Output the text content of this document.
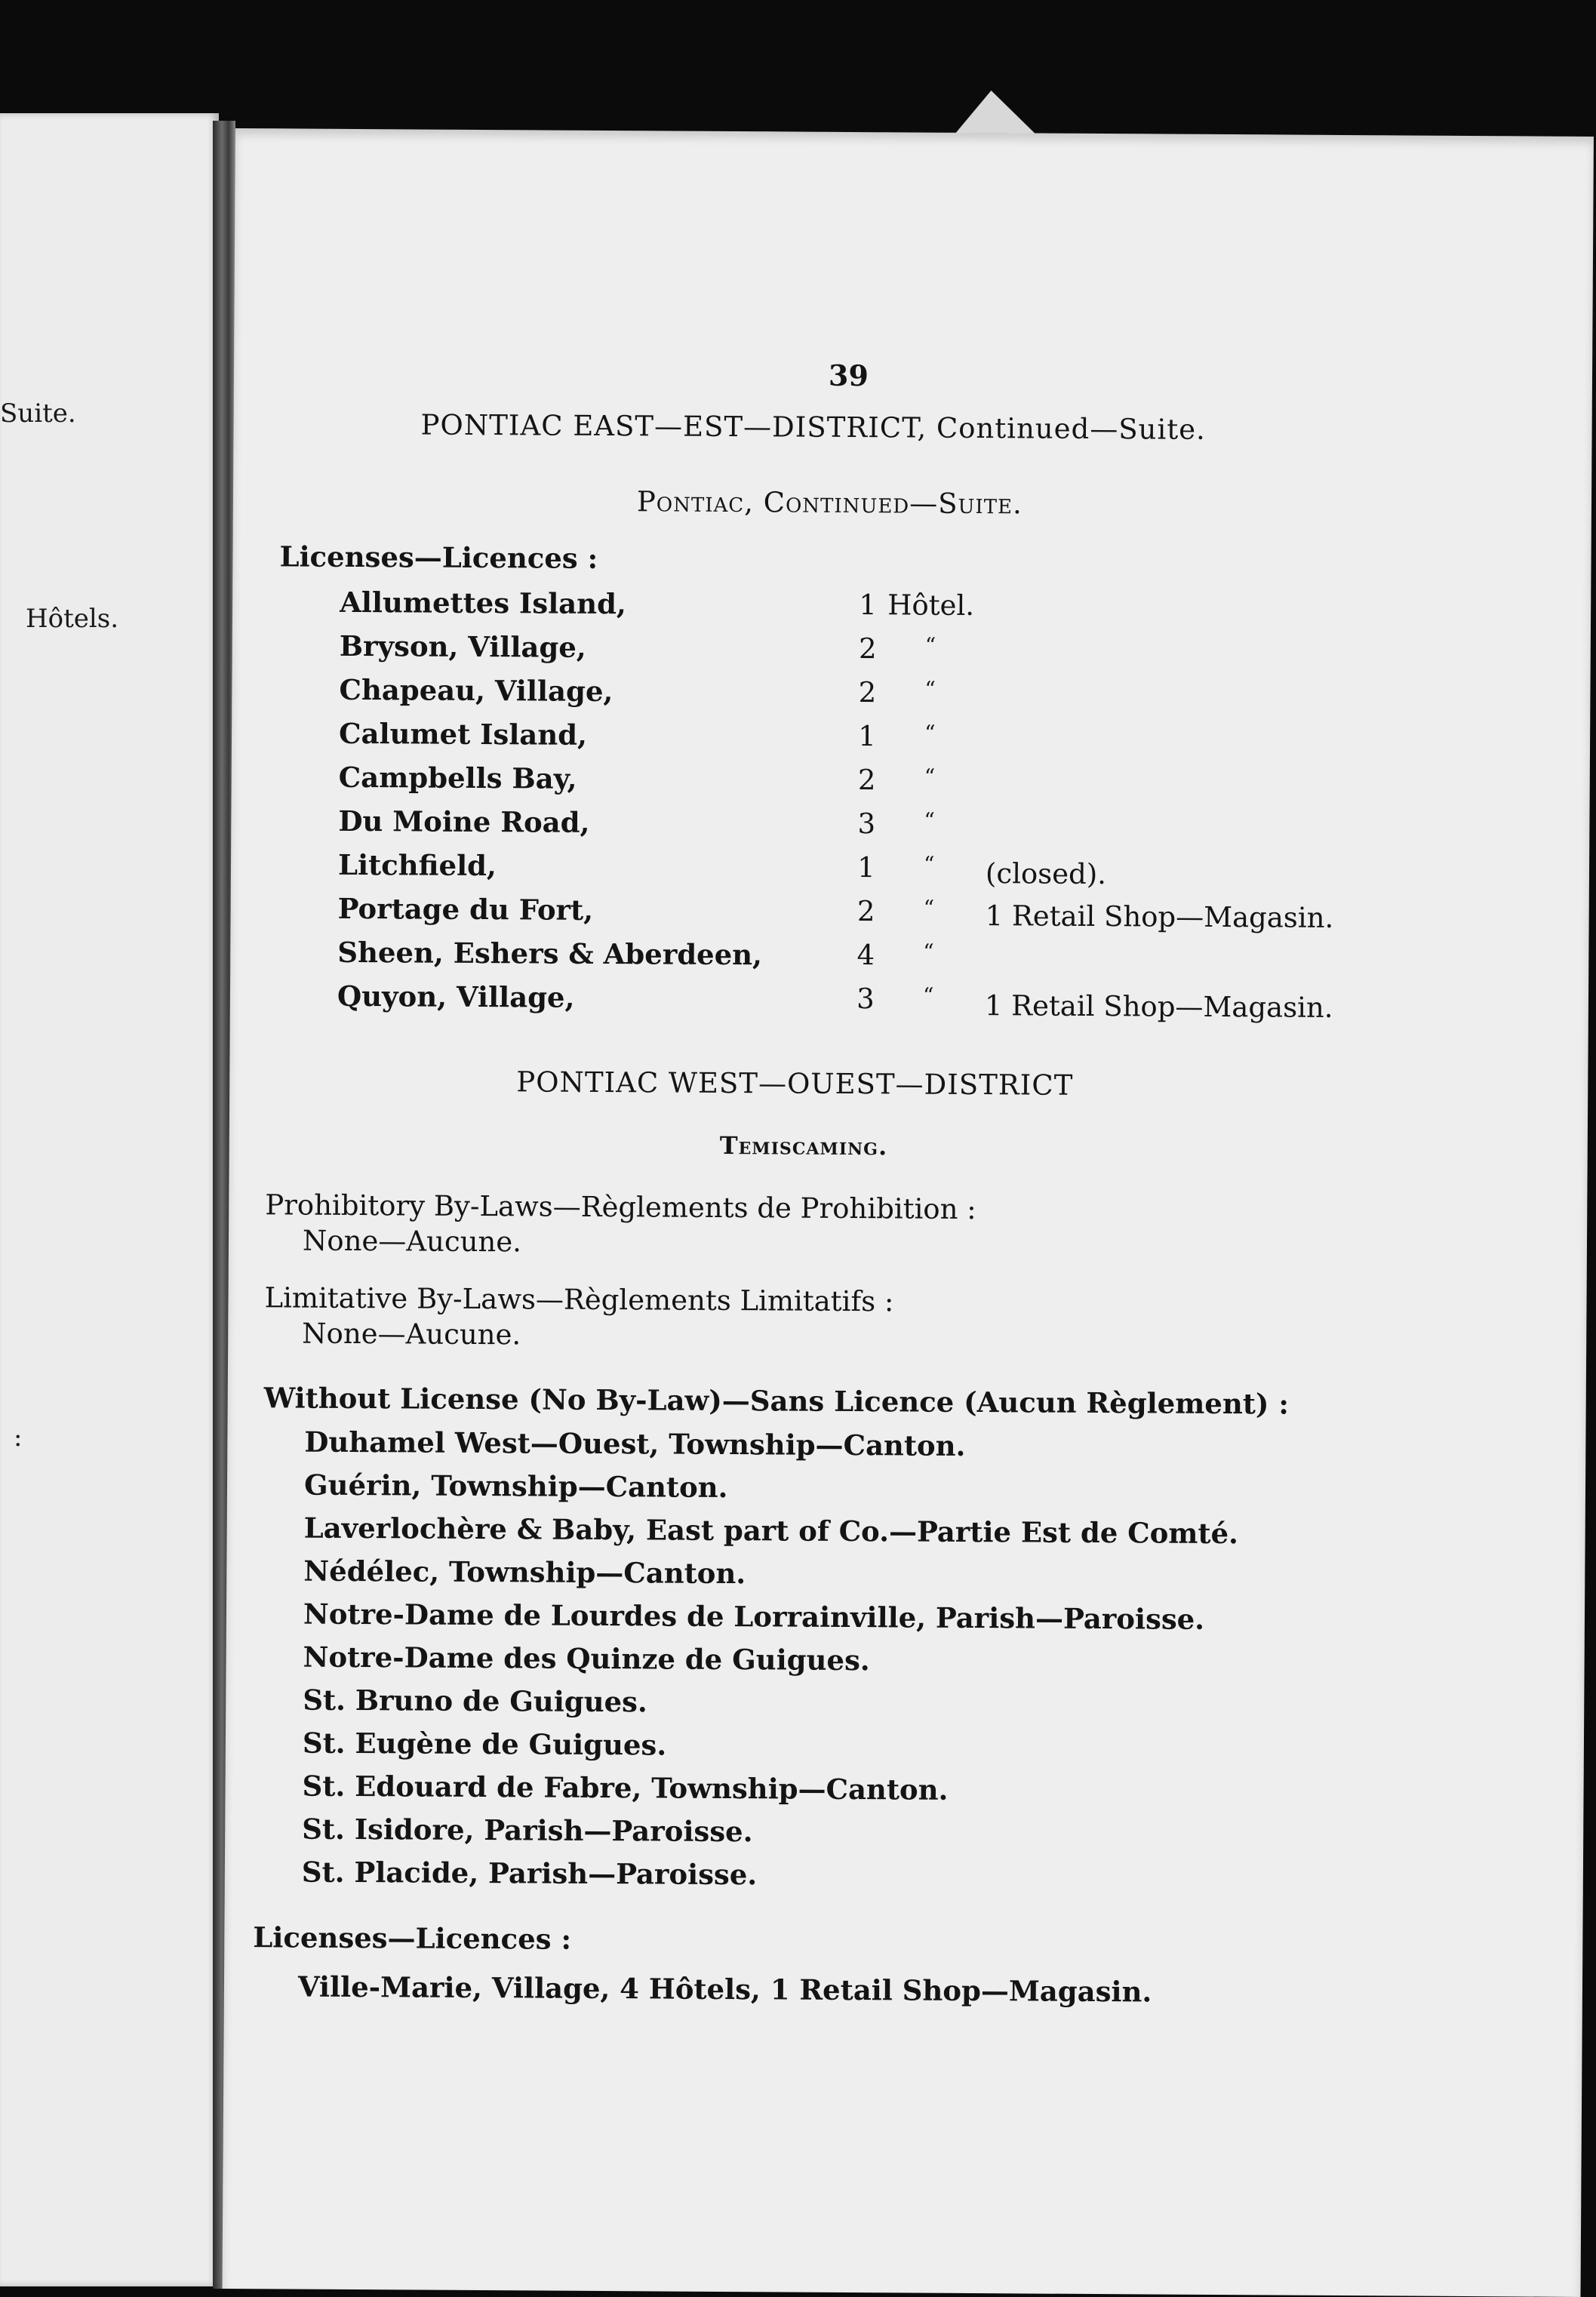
Suite.
Hôtels.
:
39
PONTIAC EAST—EST—DISTRICT, Continued—Suite.
Pontiac, Continued—Suite.
Licenses—Licences :
Allumettes Island,	1 Hôtel.
Bryson, Village,	2 “
Chapeau, Village,	2 “
Calumet Island,	1 “
Campbells Bay,	2 “
Du Moine Road,	3 “
Litchfield,	1 “ (closed).
Portage du Fort,	2 “ 1 Retail Shop—Magasin.
Sheen, Eshers & Aberdeen,	4 “
Quyon, Village,	3 “ 1 Retail Shop—Magasin.
PONTIAC WEST—OUEST—DISTRICT
Temiscaming.
Prohibitory By-Laws—Règlements de Prohibition :
None—Aucune.
Limitative By-Laws—Règlements Limitatifs :
None—Aucune.
Without License (No By-Law)—Sans Licence (Aucun Règlement) :
Duhamel West—Ouest, Township—Canton.
Guérin, Township—Canton.
Laverlochère & Baby, East part of Co.—Partie Est de Comté.
Nédélec, Township—Canton.
Notre-Dame de Lourdes de Lorrainville, Parish—Paroisse.
Notre-Dame des Quinze de Guigues.
St. Bruno de Guigues.
St. Eugène de Guigues.
St. Edouard de Fabre, Township—Canton.
St. Isidore, Parish—Paroisse.
St. Placide, Parish—Paroisse.
Licenses—Licences :
Ville-Marie, Village, 4 Hôtels, 1 Retail Shop—Magasin.
